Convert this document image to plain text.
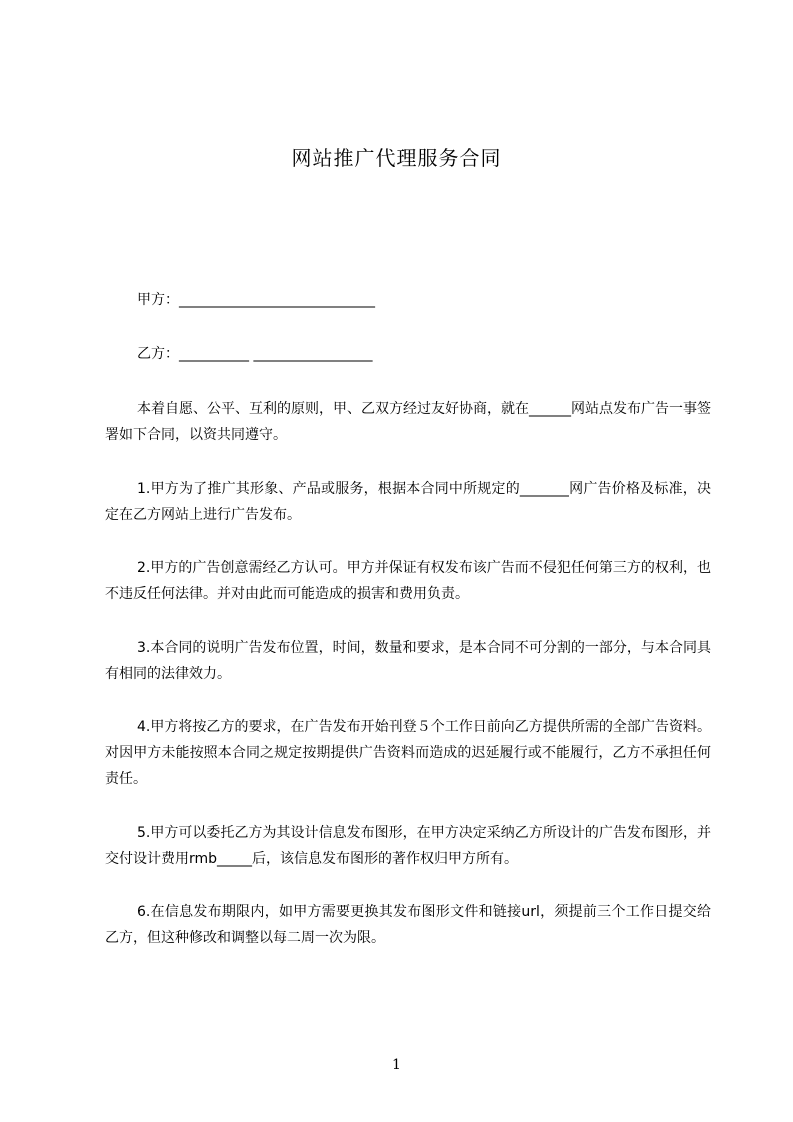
网站推广代理服务合同
甲方：____________________________
乙方：__________ _________________
本着自愿、公平、互利的原则，甲、乙双方经过友好协商，就在______网站点发布广告一事签署如下合同，以资共同遵守。
1.甲方为了推广其形象、产品或服务，根据本合同中所规定的_______网广告价格及标准，决定在乙方网站上进行广告发布。
2.甲方的广告创意需经乙方认可。甲方并保证有权发布该广告而不侵犯任何第三方的权利，也不违反任何法律。并对由此而可能造成的损害和费用负责。
3.本合同的说明广告发布位置，时间，数量和要求，是本合同不可分割的一部分，与本合同具有相同的法律效力。
4.甲方将按乙方的要求，在广告发布开始刊登５个工作日前向乙方提供所需的全部广告资料。对因甲方未能按照本合同之规定按期提供广告资料而造成的迟延履行或不能履行，乙方不承担任何责任。
5.甲方可以委托乙方为其设计信息发布图形，在甲方决定采纳乙方所设计的广告发布图形，并交付设计费用rmb_____后，该信息发布图形的著作权归甲方所有。
6.在信息发布期限内，如甲方需要更换其发布图形文件和链接url，须提前三个工作日提交给乙方，但这种修改和调整以每二周一次为限。
1
